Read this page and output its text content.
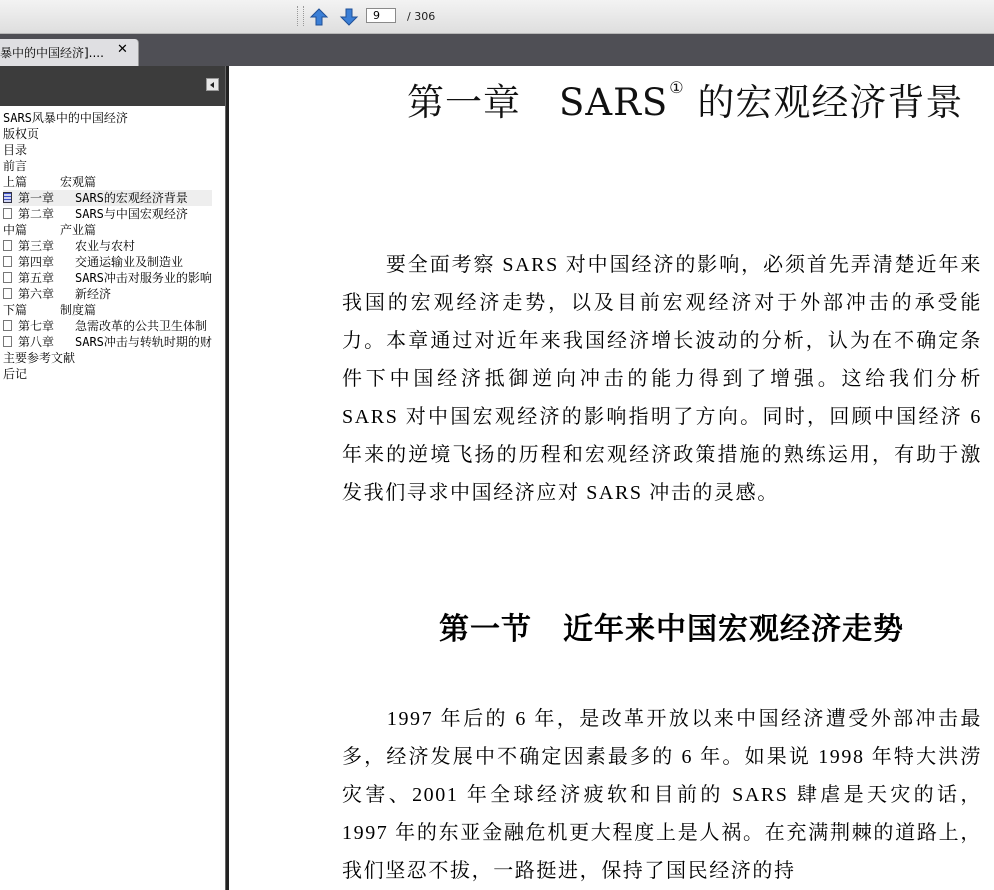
9
/ 306
暴中的中国经济]....	✕
SARS风暴中的中国经济
版权页
目录
前言
上篇	宏观篇
第一章 SARS的宏观经济背景
第二章 SARS与中国宏观经济
中篇	产业篇
第三章 农业与农村
第四章 交通运输业及制造业
第五章 SARS冲击对服务业的影响
第六章 新经济
下篇	制度篇
第七章 急需改革的公共卫生体制
第八章 SARS冲击与转轨时期的财
主要参考文献
后记
第一章　SARS① 的宏观经济背景

　　要全面考察 SARS 对中国经济的影响，必须首先弄清楚近年来我国的宏观经济走势，以及目前宏观经济对于外部冲击的承受能力。本章通过对近年来我国经济增长波动的分析，认为在不确定条件下中国经济抵御逆向冲击的能力得到了增强。这给我们分析 SARS 对中国宏观经济的影响指明了方向。同时，回顾中国经济 6 年来的逆境飞扬的历程和宏观经济政策措施的熟练运用，有助于激发我们寻求中国经济应对 SARS 冲击的灵感。

第一节　近年来中国宏观经济走势

　　1997 年后的 6 年，是改革开放以来中国经济遭受外部冲击最多，经济发展中不确定因素最多的 6 年。如果说 1998 年特大洪涝灾害、2001 年全球经济疲软和目前的 SARS 肆虐是天灾的话，1997 年的东亚金融危机更大程度上是人祸。在充满荆棘的道路上，我们坚忍不拔，一路挺进，保持了国民经济的持
